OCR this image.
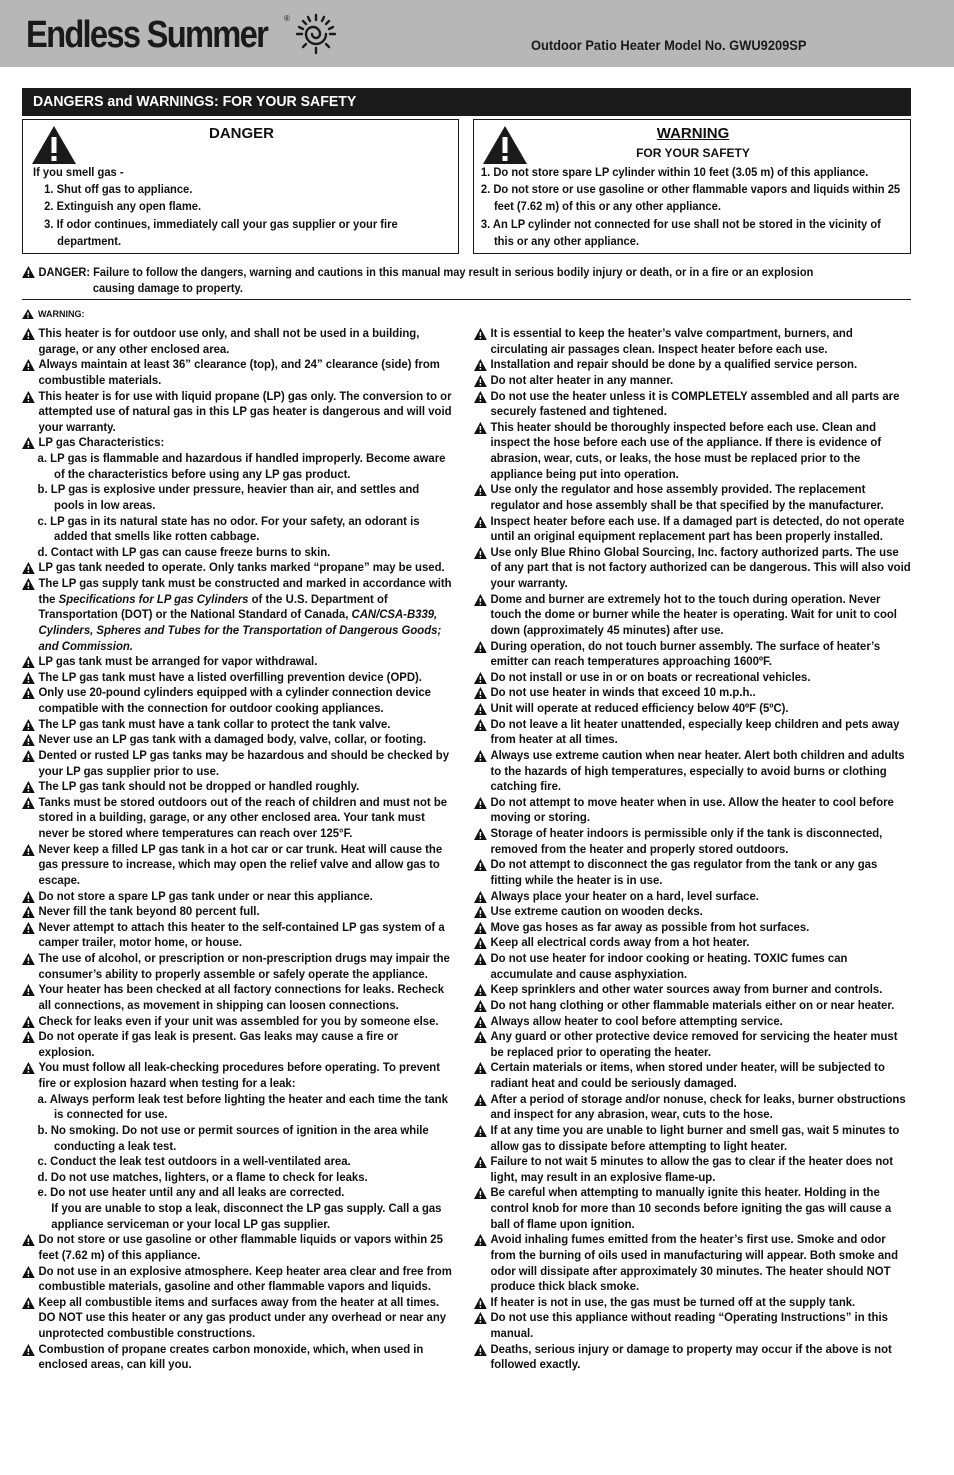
Endless Summer ®
Outdoor Patio Heater Model No. GWU9209SP
DANGERS and WARNINGS: FOR YOUR SAFETY
DANGER
If you smell gas -
1. Shut off gas to appliance.
2. Extinguish any open flame.
3. If odor continues, immediately call your gas supplier or your fire department.
WARNING
FOR YOUR SAFETY
1. Do not store spare LP cylinder within 10 feet (3.05 m) of this appliance.
2. Do not store or use gasoline or other flammable vapors and liquids within 25 feet (7.62 m) of this or any other appliance.
3. An LP cylinder not connected for use shall not be stored in the vicinity of this or any other appliance.
DANGER: Failure to follow the dangers, warning and cautions in this manual may result in serious bodily injury or death, or in a fire or an explosion
causing damage to property.
WARNING:
This heater is for outdoor use only, and shall not be used in a building, garage, or any other enclosed area.
Always maintain at least 36” clearance (top), and 24” clearance (side) from combustible materials.
This heater is for use with liquid propane (LP) gas only. The conversion to or attempted use of natural gas in this LP gas heater is dangerous and will void your warranty.
LP gas Characteristics:
a. LP gas is flammable and hazardous if handled improperly. Become aware of the characteristics before using any LP gas product.
b. LP gas is explosive under pressure, heavier than air, and settles and pools in low areas.
c. LP gas in its natural state has no odor. For your safety, an odorant is added that smells like rotten cabbage.
d. Contact with LP gas can cause freeze burns to skin.
LP gas tank needed to operate. Only tanks marked “propane” may be used.
The LP gas supply tank must be constructed and marked in accordance with the Specifications for LP gas Cylinders of the U.S. Department of Transportation (DOT) or the National Standard of Canada, CAN/CSA-B339, Cylinders, Spheres and Tubes for the Transportation of Dangerous Goods; and Commission.
LP gas tank must be arranged for vapor withdrawal.
The LP gas tank must have a listed overfilling prevention device (OPD).
Only use 20-pound cylinders equipped with a cylinder connection device compatible with the connection for outdoor cooking appliances.
The LP gas tank must have a tank collar to protect the tank valve.
Never use an LP gas tank with a damaged body, valve, collar, or footing.
Dented or rusted LP gas tanks may be hazardous and should be checked by your LP gas supplier prior to use.
The LP gas tank should not be dropped or handled roughly.
Tanks must be stored outdoors out of the reach of children and must not be stored in a building, garage, or any other enclosed area. Your tank must never be stored where temperatures can reach over 125°F.
Never keep a filled LP gas tank in a hot car or car trunk. Heat will cause the gas pressure to increase, which may open the relief valve and allow gas to escape.
Do not store a spare LP gas tank under or near this appliance.
Never fill the tank beyond 80 percent full.
Never attempt to attach this heater to the self-contained LP gas system of a camper trailer, motor home, or house.
The use of alcohol, or prescription or non-prescription drugs may impair the consumer’s ability to properly assemble or safely operate the appliance.
Your heater has been checked at all factory connections for leaks. Recheck all connections, as movement in shipping can loosen connections.
Check for leaks even if your unit was assembled for you by someone else.
Do not operate if gas leak is present. Gas leaks may cause a fire or explosion.
You must follow all leak-checking procedures before operating. To prevent fire or explosion hazard when testing for a leak:
a. Always perform leak test before lighting the heater and each time the tank is connected for use.
b. No smoking. Do not use or permit sources of ignition in the area while conducting a leak test.
c. Conduct the leak test outdoors in a well-ventilated area.
d. Do not use matches, lighters, or a flame to check for leaks.
e. Do not use heater until any and all leaks are corrected.
If you are unable to stop a leak, disconnect the LP gas supply. Call a gas appliance serviceman or your local LP gas supplier.
Do not store or use gasoline or other flammable liquids or vapors within 25 feet (7.62 m) of this appliance.
Do not use in an explosive atmosphere. Keep heater area clear and free from combustible materials, gasoline and other flammable vapors and liquids.
Keep all combustible items and surfaces away from the heater at all times. DO NOT use this heater or any gas product under any overhead or near any unprotected combustible constructions.
Combustion of propane creates carbon monoxide, which, when used in enclosed areas, can kill you.
It is essential to keep the heater’s valve compartment, burners, and circulating air passages clean. Inspect heater before each use.
Installation and repair should be done by a qualified service person.
Do not alter heater in any manner.
Do not use the heater unless it is COMPLETELY assembled and all parts are securely fastened and tightened.
This heater should be thoroughly inspected before each use. Clean and inspect the hose before each use of the appliance. If there is evidence of abrasion, wear, cuts, or leaks, the hose must be replaced prior to the appliance being put into operation.
Use only the regulator and hose assembly provided. The replacement regulator and hose assembly shall be that specified by the manufacturer.
Inspect heater before each use. If a damaged part is detected, do not operate until an original equipment replacement part has been properly installed.
Use only Blue Rhino Global Sourcing, Inc. factory authorized parts. The use of any part that is not factory authorized can be dangerous. This will also void your warranty.
Dome and burner are extremely hot to the touch during operation. Never touch the dome or burner while the heater is operating. Wait for unit to cool down (approximately 45 minutes) after use.
During operation, do not touch burner assembly. The surface of heater’s emitter can reach temperatures approaching 1600ºF.
Do not install or use in or on boats or recreational vehicles.
Do not use heater in winds that exceed 10 m.p.h..
Unit will operate at reduced efficiency below 40ºF (5ºC).
Do not leave a lit heater unattended, especially keep children and pets away from heater at all times.
Always use extreme caution when near heater. Alert both children and adults to the hazards of high temperatures, especially to avoid burns or clothing catching fire.
Do not attempt to move heater when in use. Allow the heater to cool before moving or storing.
Storage of heater indoors is permissible only if the tank is disconnected, removed from the heater and properly stored outdoors.
Do not attempt to disconnect the gas regulator from the tank or any gas fitting while the heater is in use.
Always place your heater on a hard, level surface.
Use extreme caution on wooden decks.
Move gas hoses as far away as possible from hot surfaces.
Keep all electrical cords away from a hot heater.
Do not use heater for indoor cooking or heating. TOXIC fumes can accumulate and cause asphyxiation.
Keep sprinklers and other water sources away from burner and controls.
Do not hang clothing or other flammable materials either on or near heater.
Always allow heater to cool before attempting service.
Any guard or other protective device removed for servicing the heater must be replaced prior to operating the heater.
Certain materials or items, when stored under heater, will be subjected to radiant heat and could be seriously damaged.
After a period of storage and/or nonuse, check for leaks, burner obstructions and inspect for any abrasion, wear, cuts to the hose.
If at any time you are unable to light burner and smell gas, wait 5 minutes to allow gas to dissipate before attempting to light heater.
Failure to not wait 5 minutes to allow the gas to clear if the heater does not light, may result in an explosive flame-up.
Be careful when attempting to manually ignite this heater. Holding in the control knob for more than 10 seconds before igniting the gas will cause a ball of flame upon ignition.
Avoid inhaling fumes emitted from the heater’s first use. Smoke and odor from the burning of oils used in manufacturing will appear. Both smoke and odor will dissipate after approximately 30 minutes. The heater should NOT produce thick black smoke.
If heater is not in use, the gas must be turned off at the supply tank.
Do not use this appliance without reading “Operating Instructions” in this manual.
Deaths, serious injury or damage to property may occur if the above is not followed exactly.
